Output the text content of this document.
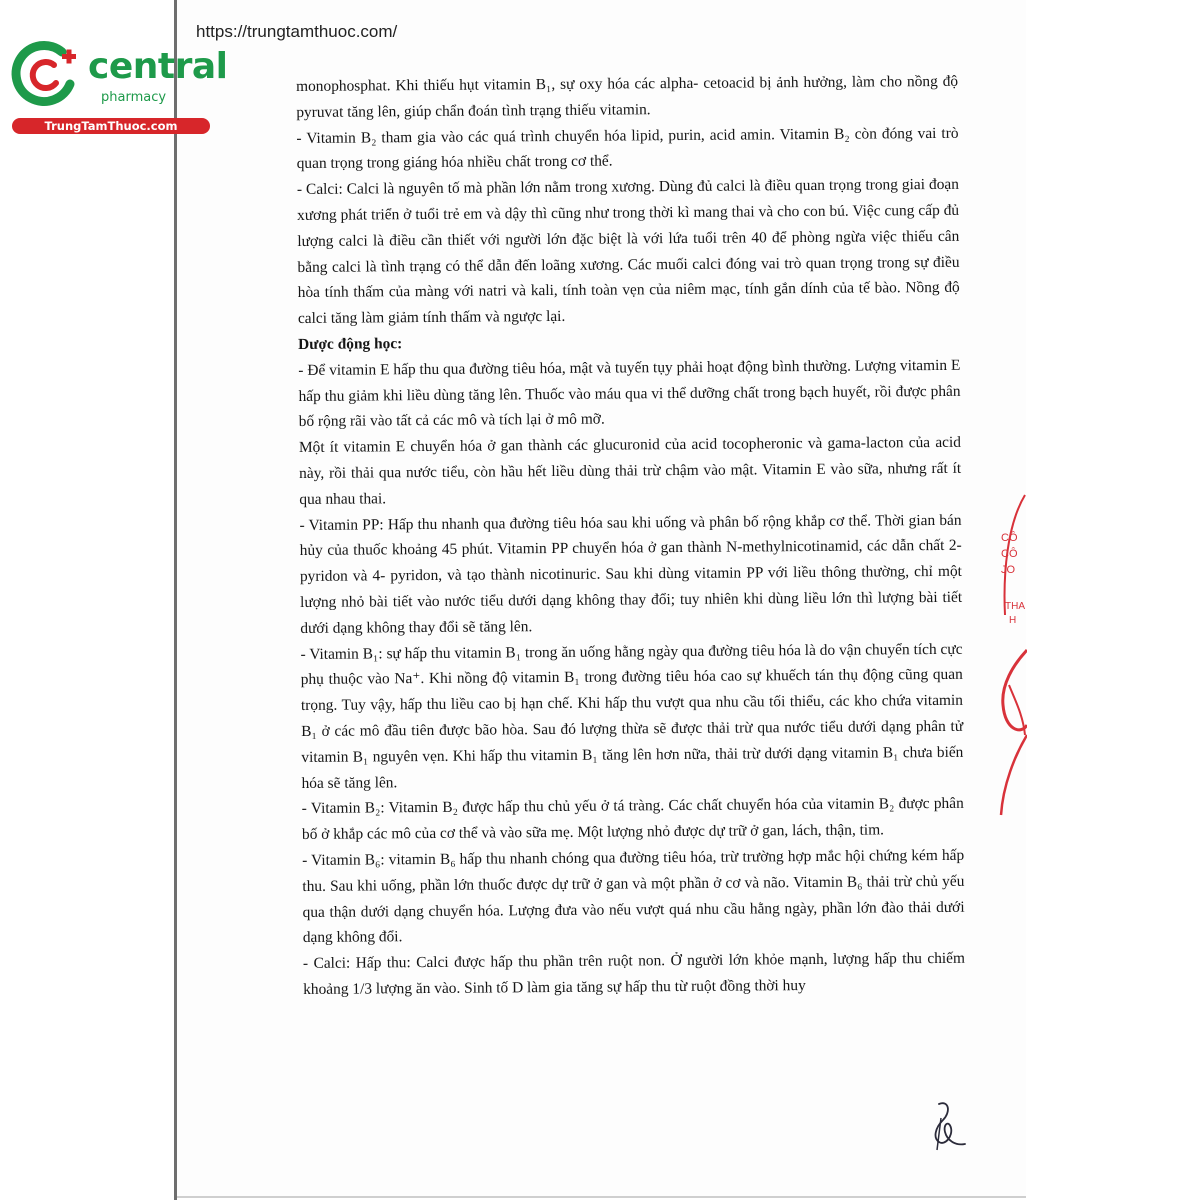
https://trungtamthuoc.com/
central
pharmacy
TrungTamThuoc.com

monophosphat. Khi thiếu hụt vitamin B₁, sự oxy hóa các alpha- cetoacid bị ảnh hưởng, làm cho nồng độ pyruvat tăng lên, giúp chẩn đoán tình trạng thiếu vitamin.

- Vitamin B₂ tham gia vào các quá trình chuyển hóa lipid, purin, acid amin. Vitamin B₂ còn đóng vai trò quan trọng trong giáng hóa nhiều chất trong cơ thể.

- Calci: Calci là nguyên tố mà phần lớn nằm trong xương. Dùng đủ calci là điều quan trọng trong giai đoạn xương phát triển ở tuổi trẻ em và dậy thì cũng như trong thời kì mang thai và cho con bú. Việc cung cấp đủ lượng calci là điều cần thiết với người lớn đặc biệt là với lứa tuổi trên 40 để phòng ngừa việc thiếu cân bằng calci là tình trạng có thể dẫn đến loãng xương. Các muối calci đóng vai trò quan trọng trong sự điều hòa tính thấm của màng với natri và kali, tính toàn vẹn của niêm mạc, tính gắn dính của tế bào. Nồng độ calci tăng làm giảm tính thấm và ngược lại.

Dược động học:

- Để vitamin E hấp thu qua đường tiêu hóa, mật và tuyến tụy phải hoạt động bình thường. Lượng vitamin E hấp thu giảm khi liều dùng tăng lên. Thuốc vào máu qua vi thể dưỡng chất trong bạch huyết, rồi được phân bố rộng rãi vào tất cả các mô và tích lại ở mô mỡ.

Một ít vitamin E chuyển hóa ở gan thành các glucuronid của acid tocopheronic và gama-lacton của acid này, rồi thải qua nước tiểu, còn hầu hết liều dùng thải trừ chậm vào mật. Vitamin E vào sữa, nhưng rất ít qua nhau thai.

- Vitamin PP: Hấp thu nhanh qua đường tiêu hóa sau khi uống và phân bố rộng khắp cơ thể. Thời gian bán hủy của thuốc khoảng 45 phút. Vitamin PP chuyển hóa ở gan thành N-methylnicotinamid, các dẫn chất 2-pyridon và 4- pyridon, và tạo thành nicotinuric. Sau khi dùng vitamin PP với liều thông thường, chỉ một lượng nhỏ bài tiết vào nước tiểu dưới dạng không thay đổi; tuy nhiên khi dùng liều lớn thì lượng bài tiết dưới dạng không thay đổi sẽ tăng lên.

- Vitamin B₁: sự hấp thu vitamin B₁ trong ăn uống hằng ngày qua đường tiêu hóa là do vận chuyển tích cực phụ thuộc vào Na⁺. Khi nồng độ vitamin B₁ trong đường tiêu hóa cao sự khuếch tán thụ động cũng quan trọng. Tuy vậy, hấp thu liều cao bị hạn chế. Khi hấp thu vượt qua nhu cầu tối thiểu, các kho chứa vitamin B₁ ở các mô đầu tiên được bão hòa. Sau đó lượng thừa sẽ được thải trừ qua nước tiểu dưới dạng phân tử vitamin B₁ nguyên vẹn. Khi hấp thu vitamin B₁ tăng lên hơn nữa, thải trừ dưới dạng vitamin B₁ chưa biến hóa sẽ tăng lên.

- Vitamin B₂: Vitamin B₂ được hấp thu chủ yếu ở tá tràng. Các chất chuyển hóa của vitamin B₂ được phân bố ở khắp các mô của cơ thể và vào sữa mẹ. Một lượng nhỏ được dự trữ ở gan, lách, thận, tim.

- Vitamin B₆: vitamin B₆ hấp thu nhanh chóng qua đường tiêu hóa, trừ trường hợp mắc hội chứng kém hấp thu. Sau khi uống, phần lớn thuốc được dự trữ ở gan và một phần ở cơ và não. Vitamin B₆ thải trừ chủ yếu qua thận dưới dạng chuyển hóa. Lượng đưa vào nếu vượt quá nhu cầu hằng ngày, phần lớn đào thải dưới dạng không đổi.

- Calci: Hấp thu: Calci được hấp thu phần trên ruột non. Ở người lớn khỏe mạnh, lượng hấp thu chiếm khoảng 1/3 lượng ăn vào. Sinh tố D làm gia tăng sự hấp thu từ ruột đồng thời huy

CÔ
CÔ
JO
THA
H
